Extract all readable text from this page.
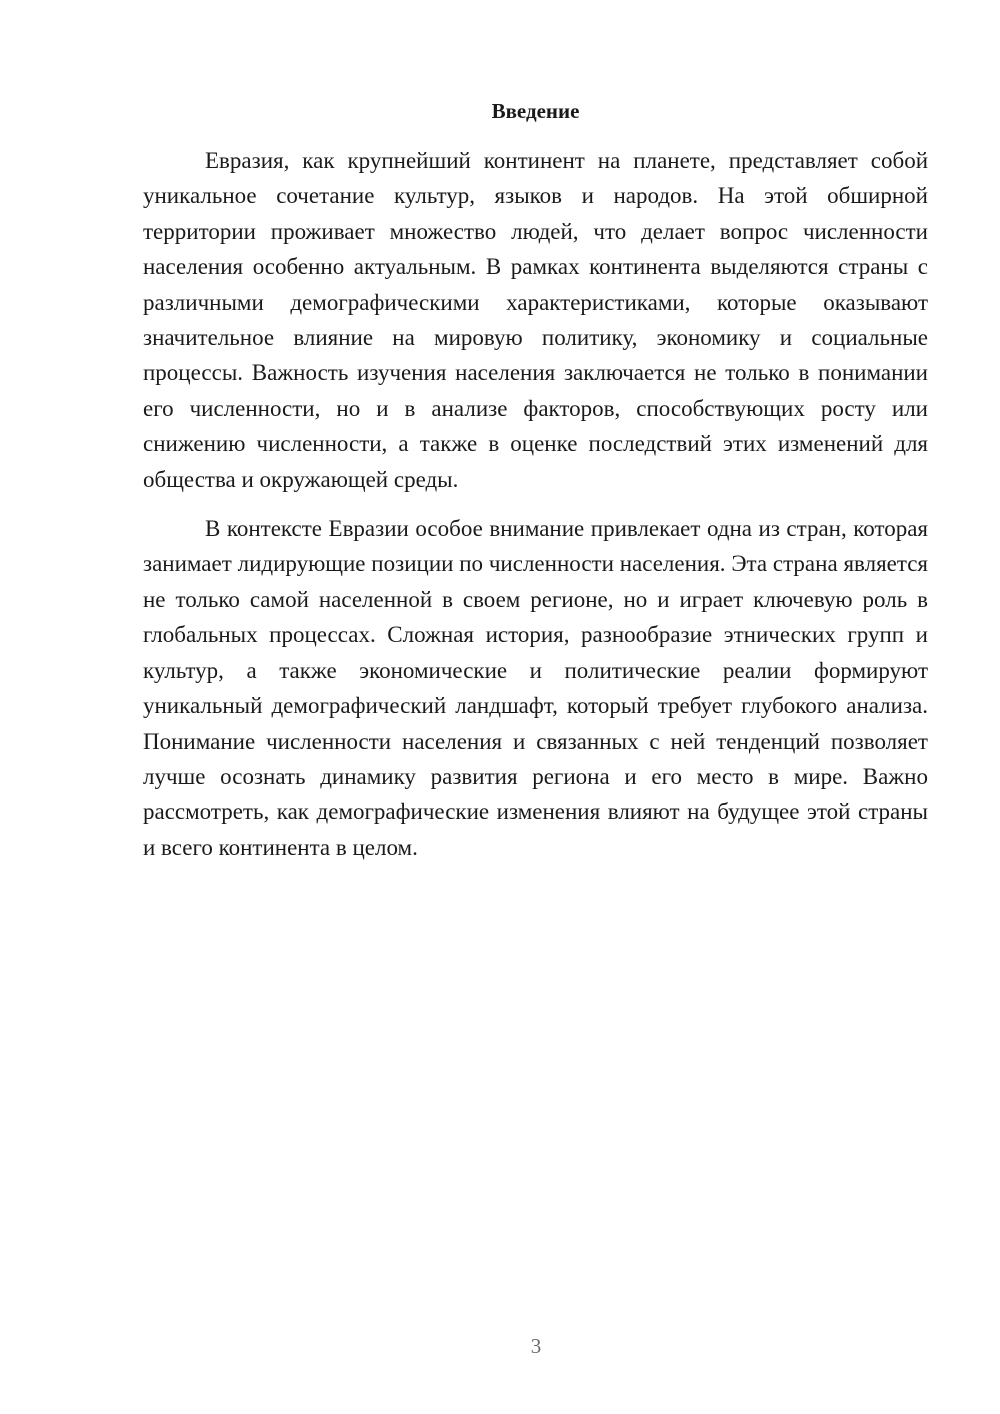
Введение

Евразия, как крупнейший континент на планете, представляет собой уникальное сочетание культур, языков и народов. На этой обширной территории проживает множество людей, что делает вопрос численности населения особенно актуальным. В рамках континента выделяются страны с различными демографическими характеристиками, которые оказывают значительное влияние на мировую политику, экономику и социальные процессы. Важность изучения населения заключается не только в понимании его численности, но и в анализе факторов, способствующих росту или снижению численности, а также в оценке последствий этих изменений для общества и окружающей среды.

В контексте Евразии особое внимание привлекает одна из стран, которая занимает лидирующие позиции по численности населения. Эта страна является не только самой населенной в своем регионе, но и играет ключевую роль в глобальных процессах. Сложная история, разнообразие этнических групп и культур, а также экономические и политические реалии формируют уникальный демографический ландшафт, который требует глубокого анализа. Понимание численности населения и связанных с ней тенденций позволяет лучше осознать динамику развития региона и его место в мире. Важно рассмотреть, как демографические изменения влияют на будущее этой страны и всего континента в целом.

3
